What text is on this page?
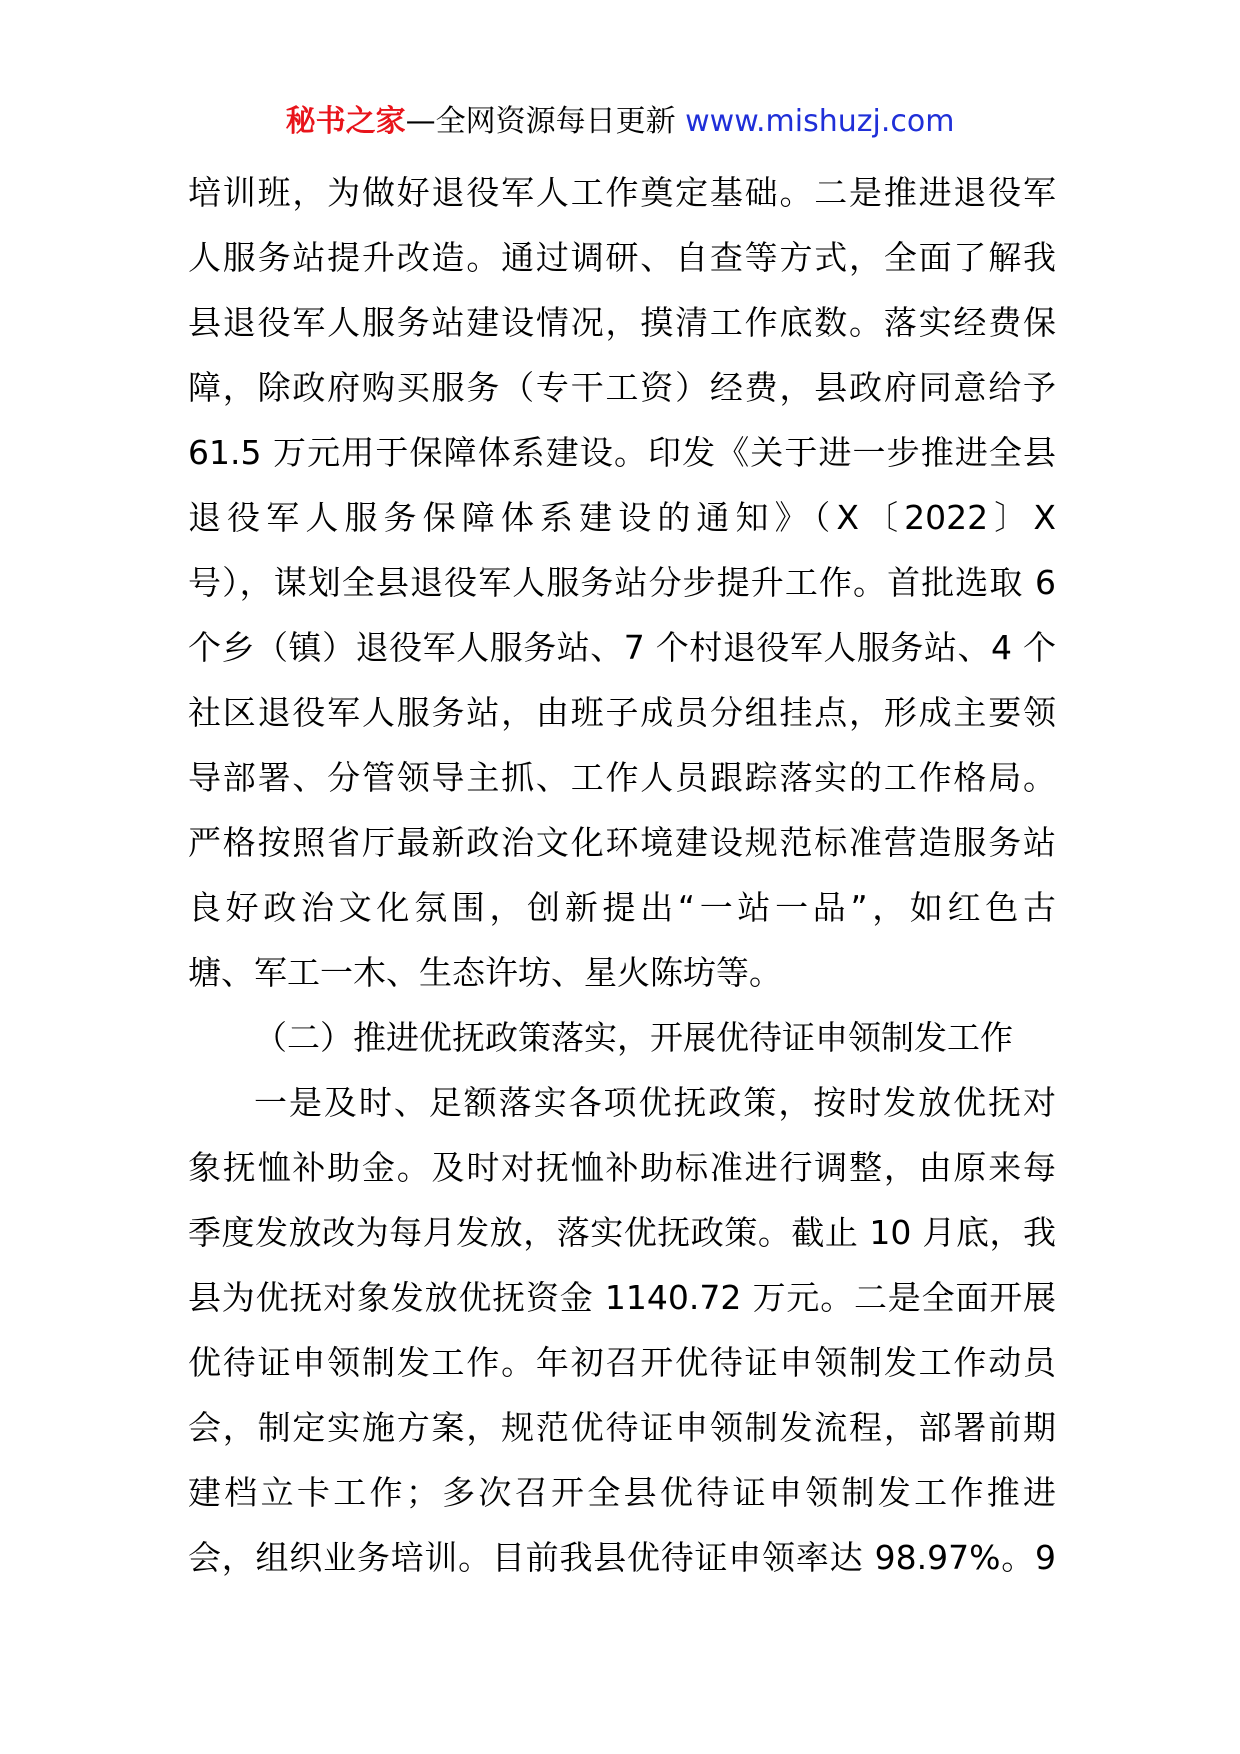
秘书之家—全网资源每日更新 www.mishuzj.com
培训班，为做好退役军人工作奠定基础。二是推进退役军
人服务站提升改造。通过调研、自查等方式，全面了解我
县退役军人服务站建设情况，摸清工作底数。落实经费保
障，除政府购买服务（专干工资）经费，县政府同意给予
61.5 万元用于保障体系建设。印发《关于进一步推进全县
退役军人服务保障体系建设的通知》（X〔2022〕X
号），谋划全县退役军人服务站分步提升工作。首批选取 6
个乡（镇）退役军人服务站、7 个村退役军人服务站、4 个
社区退役军人服务站，由班子成员分组挂点，形成主要领
导部署、分管领导主抓、工作人员跟踪落实的工作格局。
严格按照省厅最新政治文化环境建设规范标准营造服务站
良好政治文化氛围，创新提出“一站一品”，如红色古
塘、军工一木、生态许坊、星火陈坊等。
（二）推进优抚政策落实，开展优待证申领制发工作
一是及时、足额落实各项优抚政策，按时发放优抚对
象抚恤补助金。及时对抚恤补助标准进行调整，由原来每
季度发放改为每月发放，落实优抚政策。截止 10 月底，我
县为优抚对象发放优抚资金 1140.72 万元。二是全面开展
优待证申领制发工作。年初召开优待证申领制发工作动员
会，制定实施方案，规范优待证申领制发流程，部署前期
建档立卡工作；多次召开全县优待证申领制发工作推进
会，组织业务培训。目前我县优待证申领率达 98.97%。9
